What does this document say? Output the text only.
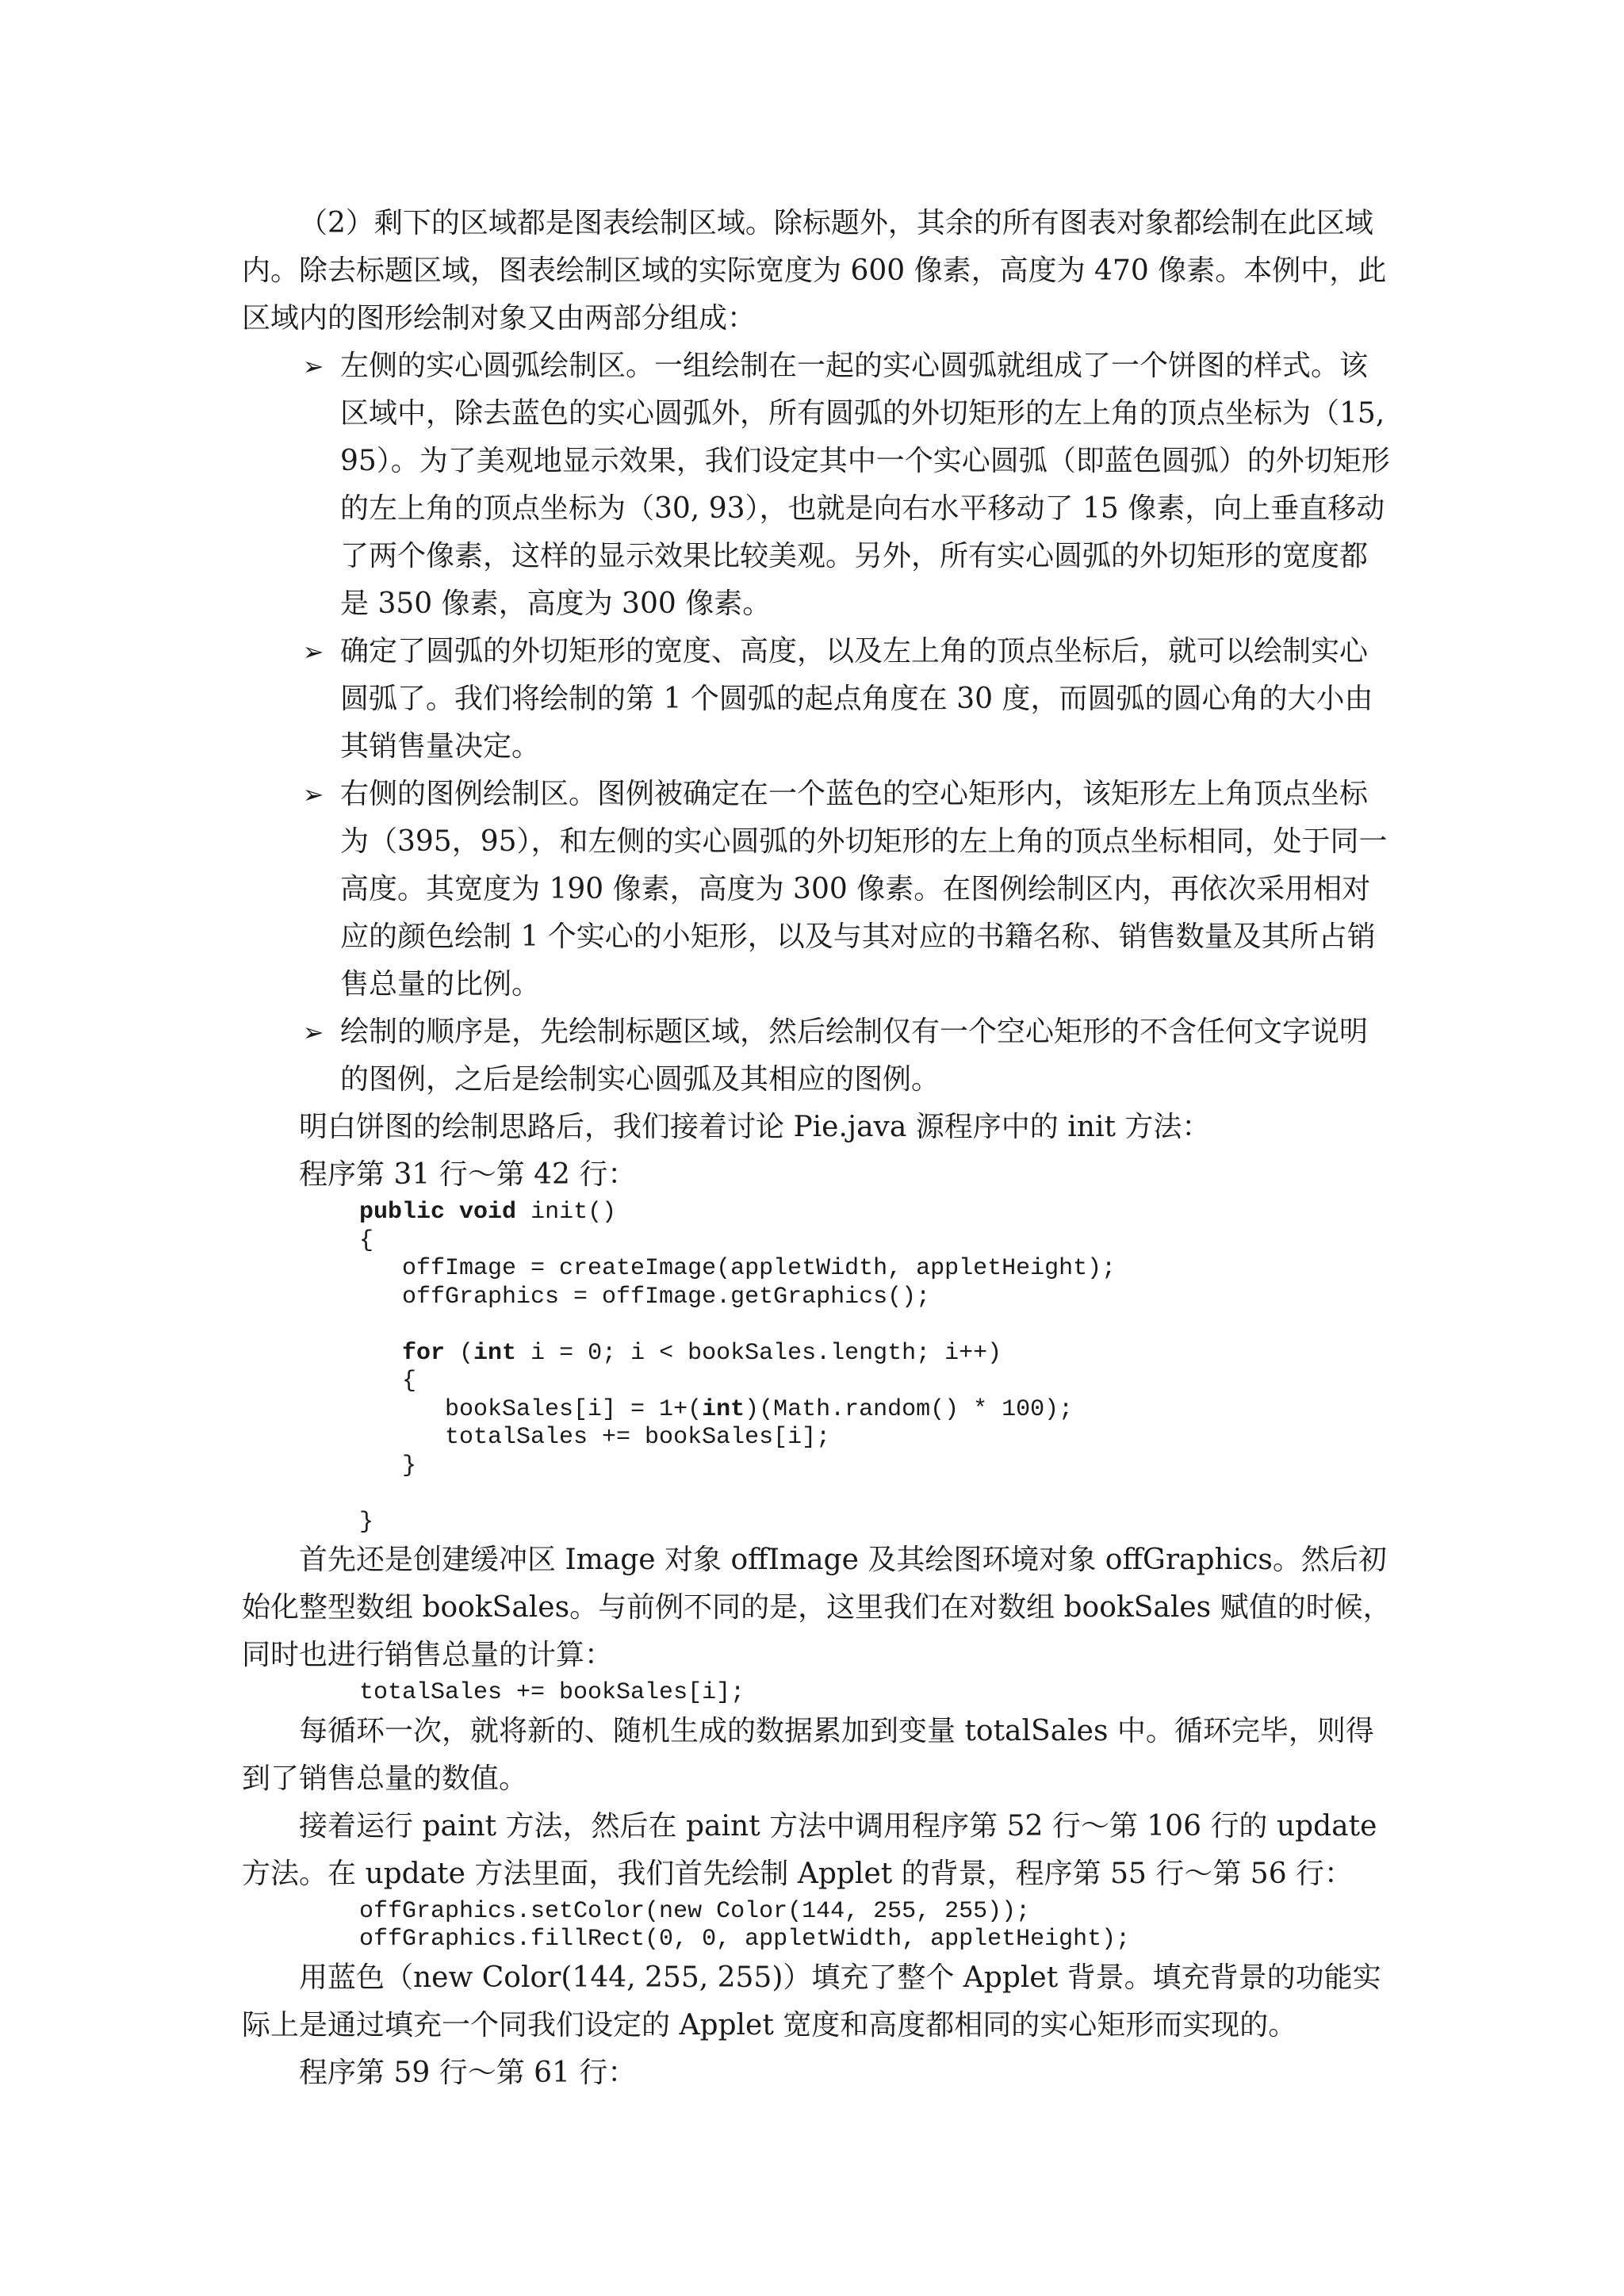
（2）剩下的区域都是图表绘制区域。除标题外，其余的所有图表对象都绘制在此区域内。除去标题区域，图表绘制区域的实际宽度为 600 像素，高度为 470 像素。本例中，此区域内的图形绘制对象又由两部分组成：

➢ 左侧的实心圆弧绘制区。一组绘制在一起的实心圆弧就组成了一个饼图的样式。该区域中，除去蓝色的实心圆弧外，所有圆弧的外切矩形的左上角的顶点坐标为（15, 95）。为了美观地显示效果，我们设定其中一个实心圆弧（即蓝色圆弧）的外切矩形的左上角的顶点坐标为（30, 93），也就是向右水平移动了 15 像素，向上垂直移动了两个像素，这样的显示效果比较美观。另外，所有实心圆弧的外切矩形的宽度都是 350 像素，高度为 300 像素。
➢ 确定了圆弧的外切矩形的宽度、高度，以及左上角的顶点坐标后，就可以绘制实心圆弧了。我们将绘制的第 1 个圆弧的起点角度在 30 度，而圆弧的圆心角的大小由其销售量决定。
➢ 右侧的图例绘制区。图例被确定在一个蓝色的空心矩形内，该矩形左上角顶点坐标为（395，95），和左侧的实心圆弧的外切矩形的左上角的顶点坐标相同，处于同一高度。其宽度为 190 像素，高度为 300 像素。在图例绘制区内，再依次采用相对应的颜色绘制 1 个实心的小矩形，以及与其对应的书籍名称、销售数量及其所占销售总量的比例。
➢ 绘制的顺序是，先绘制标题区域，然后绘制仅有一个空心矩形的不含任何文字说明的图例，之后是绘制实心圆弧及其相应的图例。

明白饼图的绘制思路后，我们接着讨论 Pie.java 源程序中的 init 方法：

程序第 31 行～第 42 行：

public void init()
{
offImage = createImage(appletWidth, appletHeight);
offGraphics = offImage.getGraphics();

for (int i = 0; i < bookSales.length; i++)
{
bookSales[i] = 1+(int)(Math.random() * 100);
totalSales += bookSales[i];
}

}

首先还是创建缓冲区 Image 对象 offImage 及其绘图环境对象 offGraphics。然后初始化整型数组 bookSales。与前例不同的是，这里我们在对数组 bookSales 赋值的时候，同时也进行销售总量的计算：

totalSales += bookSales[i];

每循环一次，就将新的、随机生成的数据累加到变量 totalSales 中。循环完毕，则得到了销售总量的数值。

接着运行 paint 方法，然后在 paint 方法中调用程序第 52 行～第 106 行的 update 方法。在 update 方法里面，我们首先绘制 Applet 的背景，程序第 55 行～第 56 行：

offGraphics.setColor(new Color(144, 255, 255));
offGraphics.fillRect(0, 0, appletWidth, appletHeight);

用蓝色（new Color(144, 255, 255)）填充了整个 Applet 背景。填充背景的功能实际上是通过填充一个同我们设定的 Applet 宽度和高度都相同的实心矩形而实现的。

程序第 59 行～第 61 行：
